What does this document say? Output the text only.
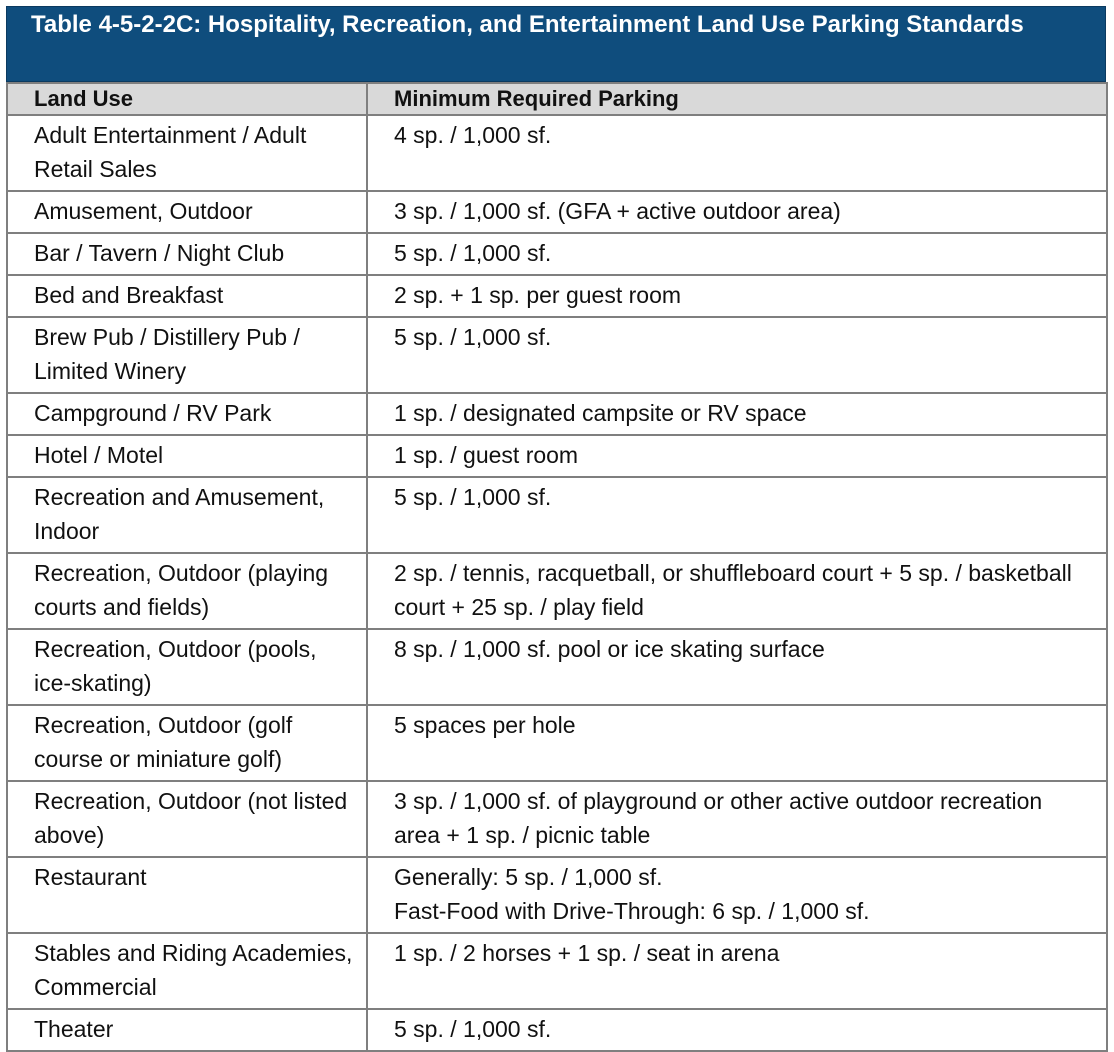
Table 4-5-2-2C: Hospitality, Recreation, and Entertainment Land Use Parking Standards
Land Use	Minimum Required Parking
Adult Entertainment / Adult Retail Sales	4 sp. / 1,000 sf.

Amusement, Outdoor	3 sp. / 1,000 sf. (GFA + active outdoor area)

Bar / Tavern / Night Club	5 sp. / 1,000 sf.

Bed and Breakfast	2 sp. + 1 sp. per guest room

Brew Pub / Distillery Pub / Limited Winery	5 sp. / 1,000 sf.

Campground / RV Park	1 sp. / designated campsite or RV space

Hotel / Motel	1 sp. / guest room

Recreation and Amusement, Indoor	5 sp. / 1,000 sf.

Recreation, Outdoor (playing courts and fields)	2 sp. / tennis, racquetball, or shuffleboard court + 5 sp. / basketball court + 25 sp. / play field

Recreation, Outdoor (pools, ice-skating)	8 sp. / 1,000 sf. pool or ice skating surface

Recreation, Outdoor (golf course or miniature golf)	5 spaces per hole

Recreation, Outdoor (not listed above)	3 sp. / 1,000 sf. of playground or other active outdoor recreation area + 1 sp. / picnic table

Restaurant	Generally: 5 sp. / 1,000 sf.
Fast-Food with Drive-Through: 6 sp. / 1,000 sf.

Stables and Riding Academies, Commercial	1 sp. / 2 horses + 1 sp. / seat in arena

Theater	5 sp. / 1,000 sf.
